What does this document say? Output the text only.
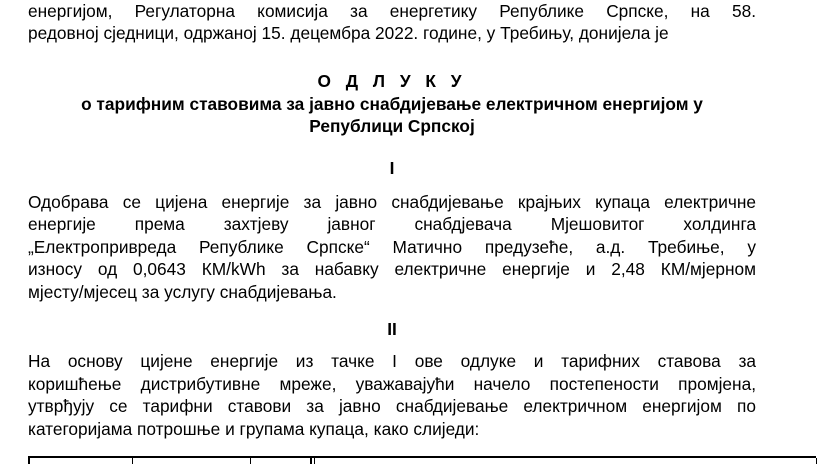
енергијом, Регулаторна комисија за енергетику Републике Српске, на 58.
редовној сједници, одржаној 15. децембра 2022. године, у Требињу, донијела је
О Д Л У К У
о тарифним ставовима за јавно снабдијевање електричном енергијом у
Републици Српској
I
Одобрава се цијена енергије за јавно снабдијевање крајњих купаца електричне
енергије према захтјеву јавног снабдјевача Мјешовитог холдинга
„Електропривреда Републике Српске“ Матично предузеће, а.д. Требиње, у
износу од 0,0643 КМ/kWh за набавку електричне енергије и 2,48 КМ/мјерном
мјесту/мјесец за услугу снабдијевања.
II
На основу цијене енергије из тачке I ове одлуке и тарифних ставова за
коришћење дистрибутивне мреже, уважавајући начело постепености промјена,
утврђују се тарифни ставови за јавно снабдијевање електричном енергијом по
категоријама потрошње и групама купаца, како слиједи:
